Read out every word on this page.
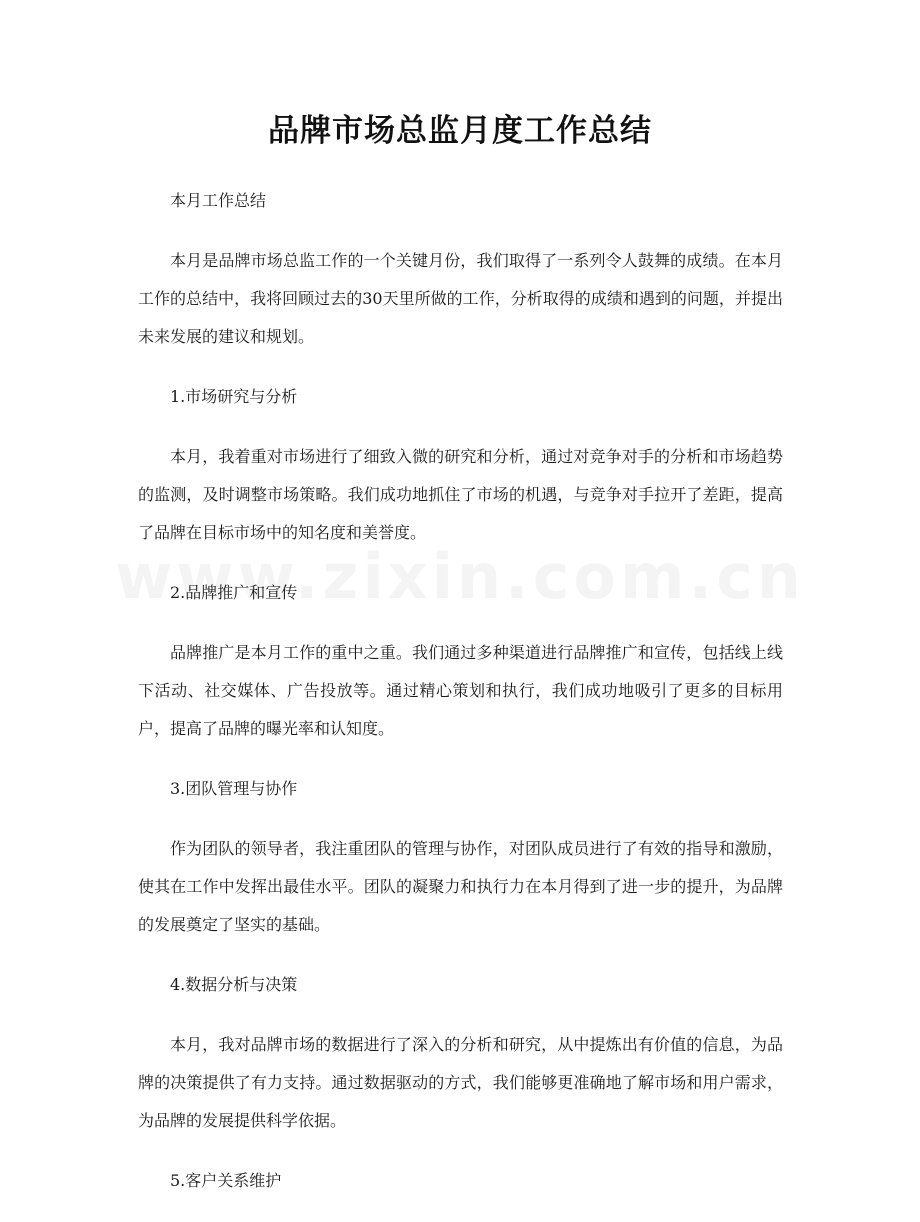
品牌市场总监月度工作总结

本月工作总结

本月是品牌市场总监工作的一个关键月份，我们取得了一系列令人鼓舞的成绩。在本月工作的总结中，我将回顾过去的30天里所做的工作，分析取得的成绩和遇到的问题，并提出未来发展的建议和规划。

1.市场研究与分析

本月，我着重对市场进行了细致入微的研究和分析，通过对竞争对手的分析和市场趋势的监测，及时调整市场策略。我们成功地抓住了市场的机遇，与竞争对手拉开了差距，提高了品牌在目标市场中的知名度和美誉度。

2.品牌推广和宣传

品牌推广是本月工作的重中之重。我们通过多种渠道进行品牌推广和宣传，包括线上线下活动、社交媒体、广告投放等。通过精心策划和执行，我们成功地吸引了更多的目标用户，提高了品牌的曝光率和认知度。

3.团队管理与协作

作为团队的领导者，我注重团队的管理与协作，对团队成员进行了有效的指导和激励，使其在工作中发挥出最佳水平。团队的凝聚力和执行力在本月得到了进一步的提升，为品牌的发展奠定了坚实的基础。

4.数据分析与决策

本月，我对品牌市场的数据进行了深入的分析和研究，从中提炼出有价值的信息，为品牌的决策提供了有力支持。通过数据驱动的方式，我们能够更准确地了解市场和用户需求，为品牌的发展提供科学依据。

5.客户关系维护
